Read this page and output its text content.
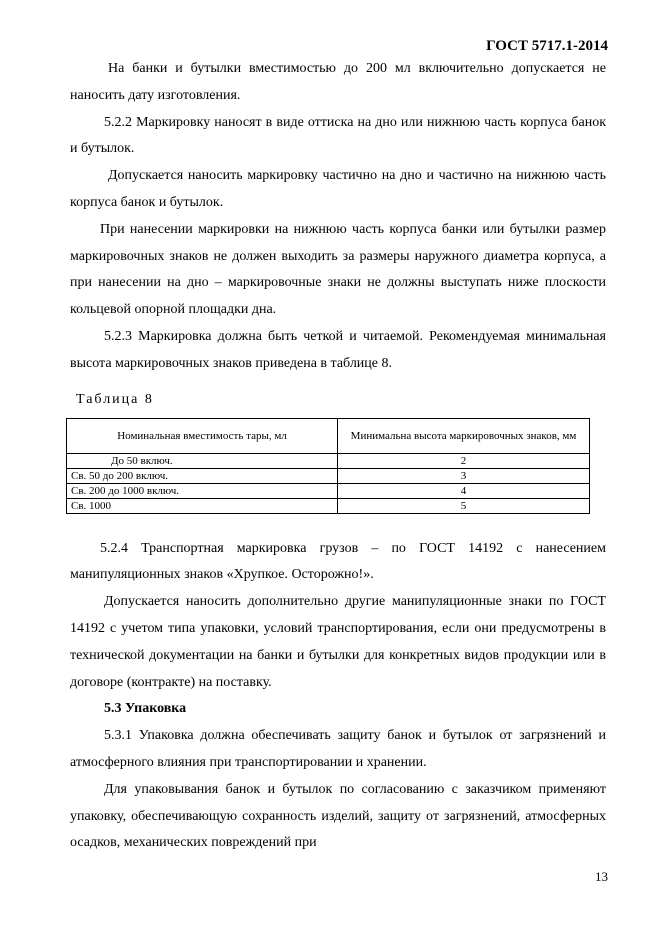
ГОСТ 5717.1-2014

На банки и бутылки вместимостью до 200 мл включительно допускается не наносить дату изготовления.

5.2.2 Маркировку наносят в виде оттиска на дно или нижнюю часть корпуса банок и бутылок.

Допускается наносить маркировку частично на дно и частично на нижнюю часть корпуса банок и бутылок.

При нанесении маркировки на нижнюю часть корпуса банки или бутылки размер маркировочных знаков не должен выходить за размеры наружного диаметра корпуса, а при нанесении на дно – маркировочные знаки не должны выступать ниже плоскости кольцевой опорной площадки дна.

5.2.3 Маркировка должна быть четкой и читаемой. Рекомендуемая минимальная высота маркировочных знаков приведена в таблице 8.

Таблица 8
Номинальная вместимость тары, мл	Минимальна высота маркировочных знаков, мм
До 50 включ.	2
Св. 50 до 200 включ.	3
Св. 200 до 1000 включ.	4
Св. 1000	5

5.2.4 Транспортная маркировка грузов – по ГОСТ 14192 с нанесением манипуляционных знаков «Хрупкое. Осторожно!».

Допускается наносить дополнительно другие манипуляционные знаки по ГОСТ 14192 с учетом типа упаковки, условий транспортирования, если они предусмотрены в технической документации на банки и бутылки для конкретных видов продукции или в договоре (контракте) на поставку.

5.3 Упаковка

5.3.1 Упаковка должна обеспечивать защиту банок и бутылок от загрязнений и атмосферного влияния при транспортировании и хранении.

Для упаковывания банок и бутылок по согласованию с заказчиком применяют упаковку, обеспечивающую сохранность изделий, защиту от загрязнений, атмосферных осадков, механических повреждений при

13
